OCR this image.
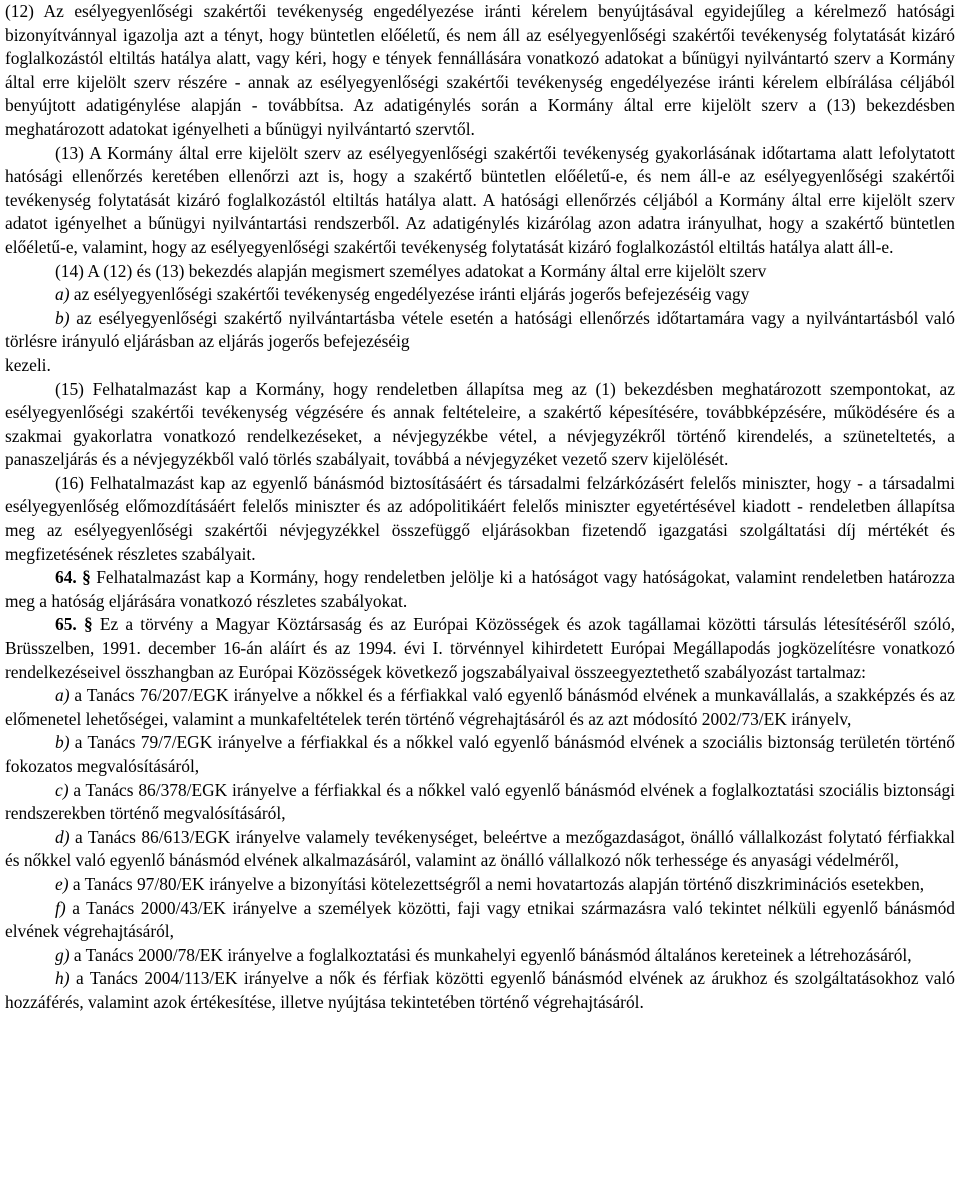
(12) Az esélyegyenlőségi szakértői tevékenység engedélyezése iránti kérelem benyújtásával egyidejűleg a kérelmező hatósági bizonyítvánnyal igazolja azt a tényt, hogy büntetlen előéletű, és nem áll az esélyegyenlőségi szakértői tevékenység folytatását kizáró foglalkozástól eltiltás hatálya alatt, vagy kéri, hogy e tények fennállására vonatkozó adatokat a bűnügyi nyilvántartó szerv a Kormány által erre kijelölt szerv részére - annak az esélyegyenlőségi szakértői tevékenység engedélyezése iránti kérelem elbírálása céljából benyújtott adatigénylése alapján - továbbítsa. Az adatigénylés során a Kormány által erre kijelölt szerv a (13) bekezdésben meghatározott adatokat igényelheti a bűnügyi nyilvántartó szervtől.

(13) A Kormány által erre kijelölt szerv az esélyegyenlőségi szakértői tevékenység gyakorlásának időtartama alatt lefolytatott hatósági ellenőrzés keretében ellenőrzi azt is, hogy a szakértő büntetlen előéletű-e, és nem áll-e az esélyegyenlőségi szakértői tevékenység folytatását kizáró foglalkozástól eltiltás hatálya alatt. A hatósági ellenőrzés céljából a Kormány által erre kijelölt szerv adatot igényelhet a bűnügyi nyilvántartási rendszerből. Az adatigénylés kizárólag azon adatra irányulhat, hogy a szakértő büntetlen előéletű-e, valamint, hogy az esélyegyenlőségi szakértői tevékenység folytatását kizáró foglalkozástól eltiltás hatálya alatt áll-e.

(14) A (12) és (13) bekezdés alapján megismert személyes adatokat a Kormány által erre kijelölt szerv

a) az esélyegyenlőségi szakértői tevékenység engedélyezése iránti eljárás jogerős befejezéséig vagy

b) az esélyegyenlőségi szakértő nyilvántartásba vétele esetén a hatósági ellenőrzés időtartamára vagy a nyilvántartásból való törlésre irányuló eljárásban az eljárás jogerős befejezéséig

kezeli.

(15) Felhatalmazást kap a Kormány, hogy rendeletben állapítsa meg az (1) bekezdésben meghatározott szempontokat, az esélyegyenlőségi szakértői tevékenység végzésére és annak feltételeire, a szakértő képesítésére, továbbképzésére, működésére és a szakmai gyakorlatra vonatkozó rendelkezéseket, a névjegyzékbe vétel, a névjegyzékről történő kirendelés, a szüneteltetés, a panaszeljárás és a névjegyzékből való törlés szabályait, továbbá a névjegyzéket vezető szerv kijelölését.

(16) Felhatalmazást kap az egyenlő bánásmód biztosításáért és társadalmi felzárkózásért felelős miniszter, hogy - a társadalmi esélyegyenlőség előmozdításáért felelős miniszter és az adópolitikáért felelős miniszter egyetértésével kiadott - rendeletben állapítsa meg az esélyegyenlőségi szakértői névjegyzékkel összefüggő eljárásokban fizetendő igazgatási szolgáltatási díj mértékét és megfizetésének részletes szabályait.

64. § Felhatalmazást kap a Kormány, hogy rendeletben jelölje ki a hatóságot vagy hatóságokat, valamint rendeletben határozza meg a hatóság eljárására vonatkozó részletes szabályokat.

65. § Ez a törvény a Magyar Köztársaság és az Európai Közösségek és azok tagállamai közötti társulás létesítéséről szóló, Brüsszelben, 1991. december 16-án aláírt és az 1994. évi I. törvénnyel kihirdetett Európai Megállapodás jogközelítésre vonatkozó rendelkezéseivel összhangban az Európai Közösségek következő jogszabályaival összeegyeztethető szabályozást tartalmaz:

a) a Tanács 76/207/EGK irányelve a nőkkel és a férfiakkal való egyenlő bánásmód elvének a munkavállalás, a szakképzés és az előmenetel lehetőségei, valamint a munkafeltételek terén történő végrehajtásáról és az azt módosító 2002/73/EK irányelv,

b) a Tanács 79/7/EGK irányelve a férfiakkal és a nőkkel való egyenlő bánásmód elvének a szociális biztonság területén történő fokozatos megvalósításáról,

c) a Tanács 86/378/EGK irányelve a férfiakkal és a nőkkel való egyenlő bánásmód elvének a foglalkoztatási szociális biztonsági rendszerekben történő megvalósításáról,

d) a Tanács 86/613/EGK irányelve valamely tevékenységet, beleértve a mezőgazdaságot, önálló vállalkozást folytató férfiakkal és nőkkel való egyenlő bánásmód elvének alkalmazásáról, valamint az önálló vállalkozó nők terhessége és anyasági védelméről,

e) a Tanács 97/80/EK irányelve a bizonyítási kötelezettségről a nemi hovatartozás alapján történő diszkriminációs esetekben,

f) a Tanács 2000/43/EK irányelve a személyek közötti, faji vagy etnikai származásra való tekintet nélküli egyenlő bánásmód elvének végrehajtásáról,

g) a Tanács 2000/78/EK irányelve a foglalkoztatási és munkahelyi egyenlő bánásmód általános kereteinek a létrehozásáról,

h) a Tanács 2004/113/EK irányelve a nők és férfiak közötti egyenlő bánásmód elvének az árukhoz és szolgáltatásokhoz való hozzáférés, valamint azok értékesítése, illetve nyújtása tekintetében történő végrehajtásáról.
